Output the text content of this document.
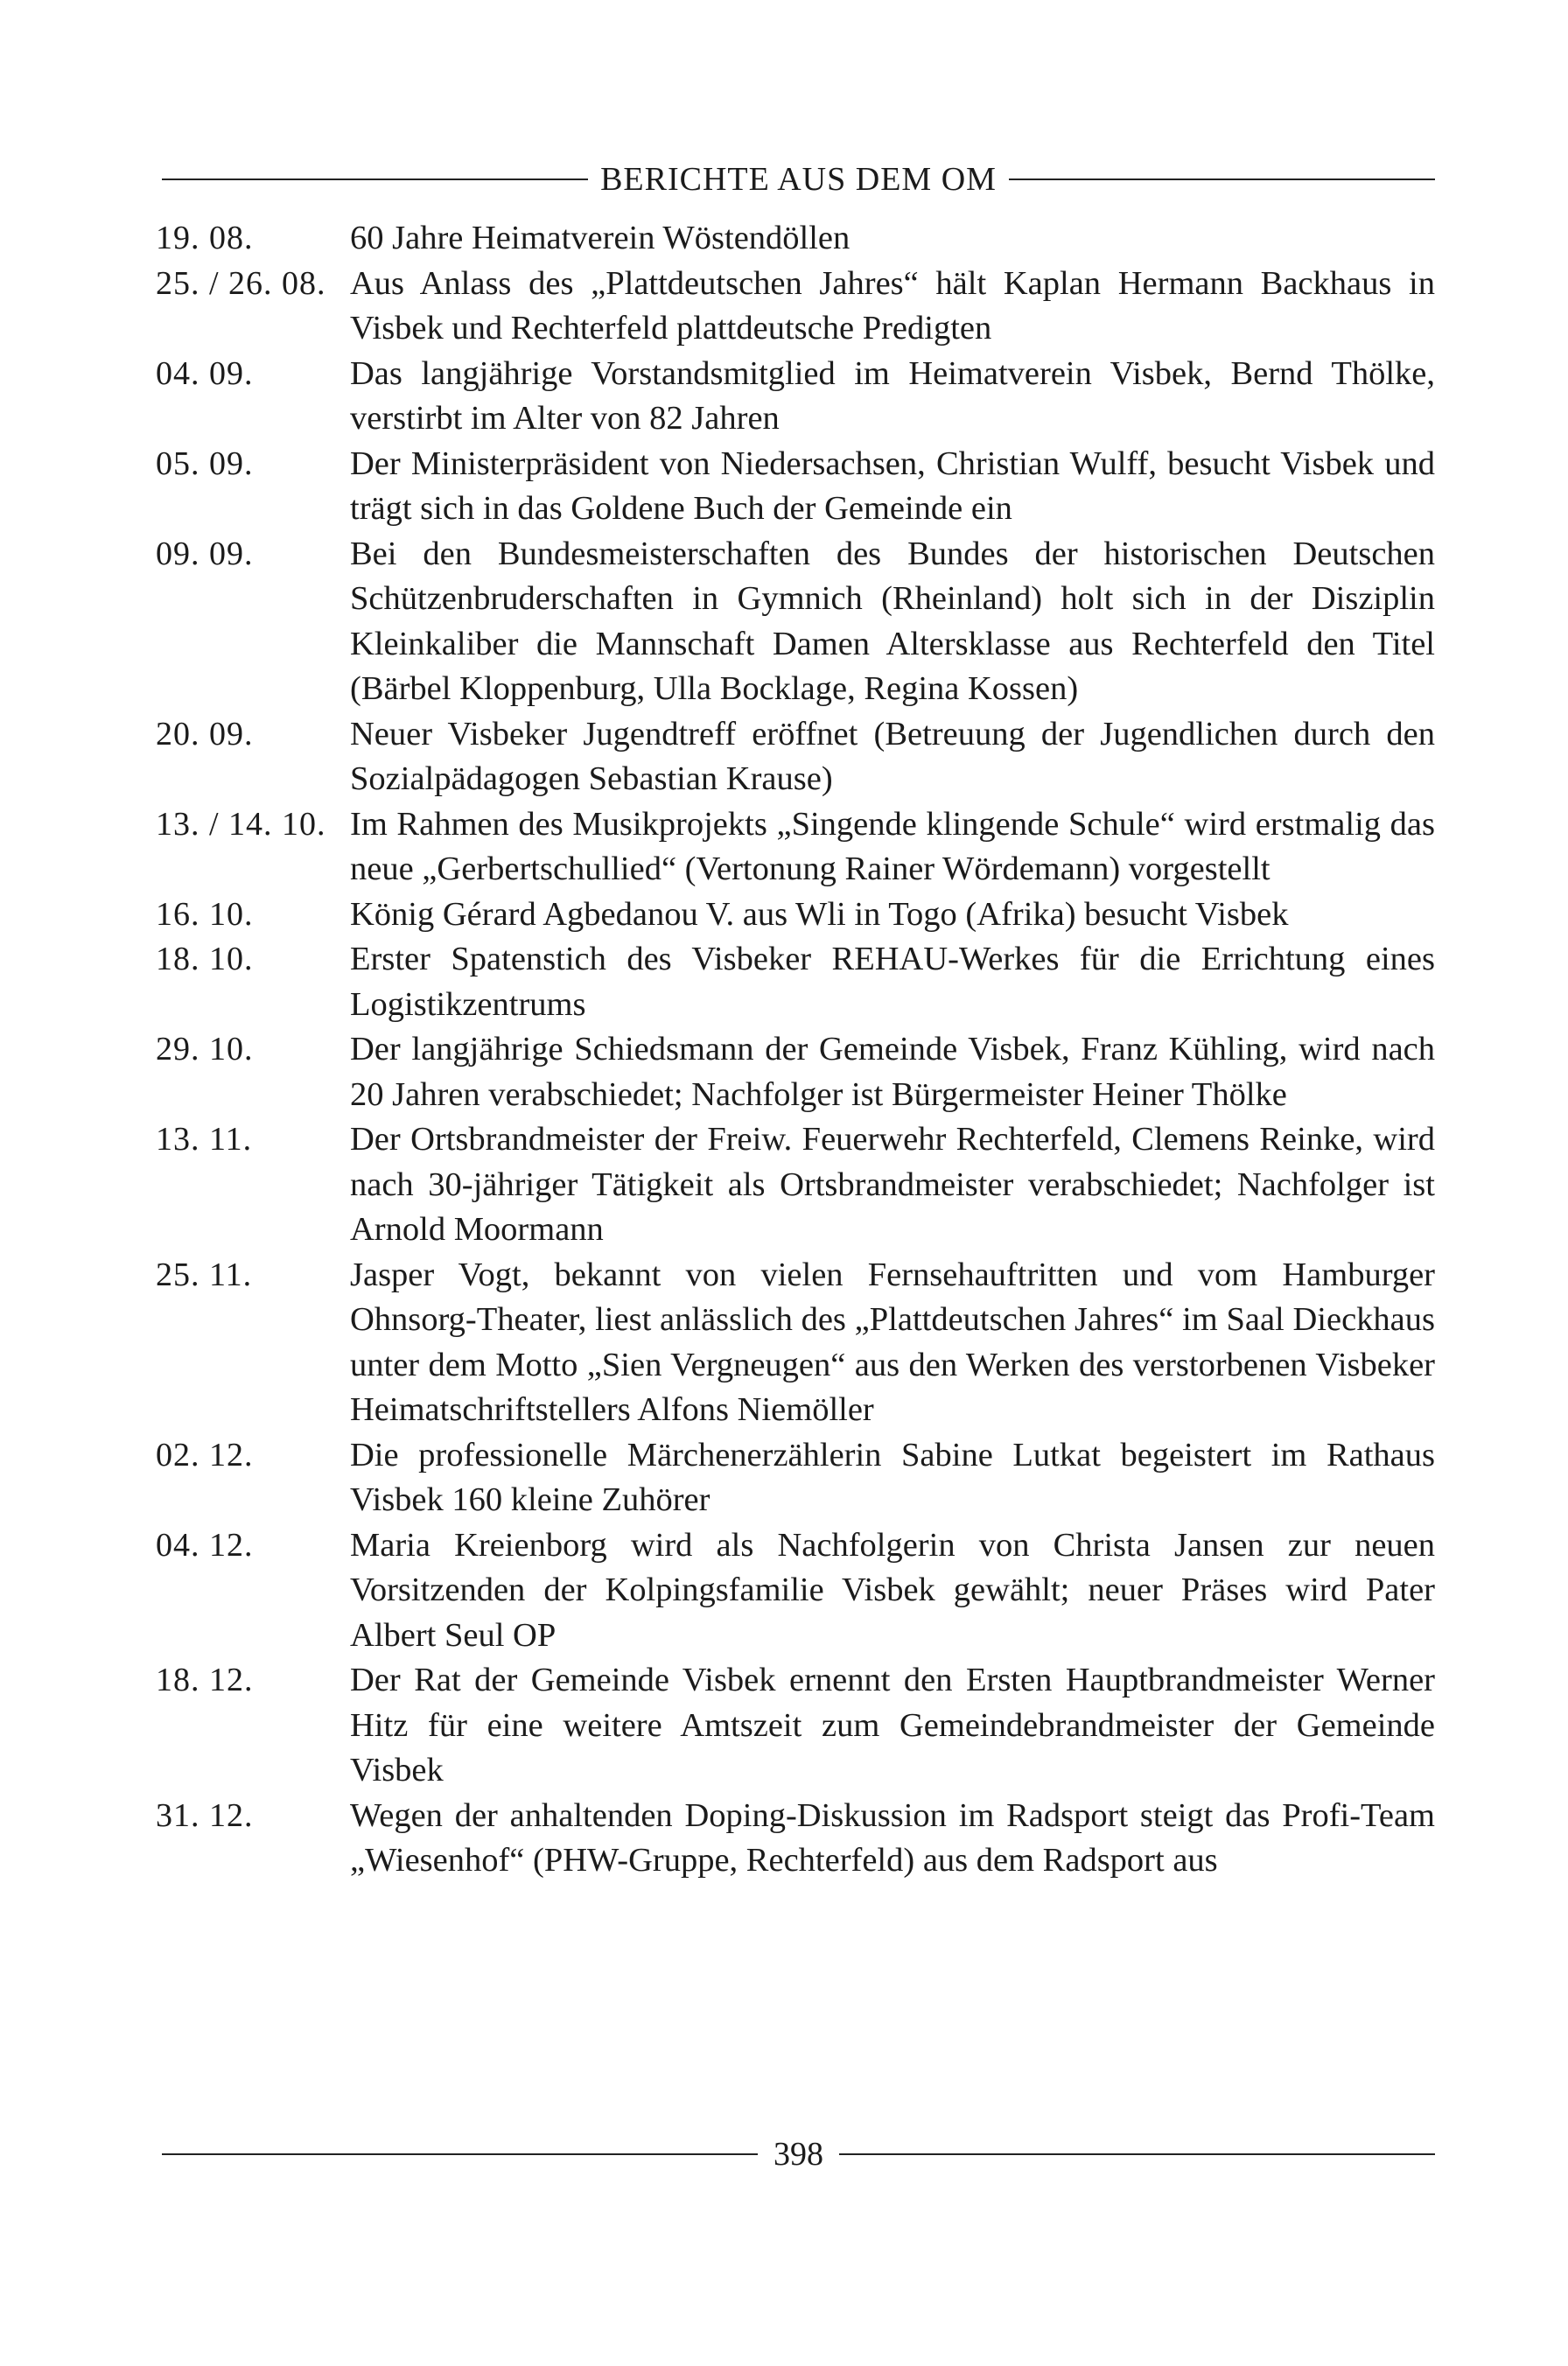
BERICHTE AUS DEM OM
19. 08.	60 Jahre Heimatverein Wöstendöllen
25. / 26. 08. Aus Anlass des „Plattdeutschen Jahres“ hält Kaplan Hermann Backhaus in Visbek und Rechterfeld plattdeutsche Predigten
04. 09.	Das langjährige Vorstandsmitglied im Heimatverein Visbek, Bernd Thölke, verstirbt im Alter von 82 Jahren
05. 09.	Der Ministerpräsident von Niedersachsen, Christian Wulff, besucht Visbek und trägt sich in das Goldene Buch der Gemeinde ein
09. 09.	Bei den Bundesmeisterschaften des Bundes der historischen Deutschen Schützenbruderschaften in Gymnich (Rheinland) holt sich in der Disziplin Kleinkaliber die Mannschaft Damen Altersklasse aus Rechterfeld den Titel (Bärbel Kloppenburg, Ulla Bocklage, Regina Kossen)
20. 09.	Neuer Visbeker Jugendtreff eröffnet (Betreuung der Jugendlichen durch den Sozialpädagogen Sebastian Krause)
13. / 14. 10. Im Rahmen des Musikprojekts „Singende klingende Schule“ wird erstmalig das neue „Gerbertschullied“ (Vertonung Rainer Wördemann) vorgestellt
16. 10.	König Gérard Agbedanou V. aus Wli in Togo (Afrika) besucht Visbek
18. 10.	Erster Spatenstich des Visbeker REHAU-Werkes für die Errichtung eines Logistikzentrums
29. 10.	Der langjährige Schiedsmann der Gemeinde Visbek, Franz Kühling, wird nach 20 Jahren verabschiedet; Nachfolger ist Bürgermeister Heiner Thölke
13. 11.	Der Ortsbrandmeister der Freiw. Feuerwehr Rechterfeld, Clemens Reinke, wird nach 30-jähriger Tätigkeit als Ortsbrandmeister verabschiedet; Nachfolger ist Arnold Moormann
25. 11.	Jasper Vogt, bekannt von vielen Fernsehauftritten und vom Hamburger Ohnsorg-Theater, liest anlässlich des „Plattdeutschen Jahres“ im Saal Dieckhaus unter dem Motto „Sien Vergneugen“ aus den Werken des verstorbenen Visbeker Heimatschriftstellers Alfons Niemöller
02. 12.	Die professionelle Märchenerzählerin Sabine Lutkat begeistert im Rathaus Visbek 160 kleine Zuhörer
04. 12.	Maria Kreienborg wird als Nachfolgerin von Christa Jansen zur neuen Vorsitzenden der Kolpingsfamilie Visbek gewählt; neuer Präses wird Pater Albert Seul OP
18. 12.	Der Rat der Gemeinde Visbek ernennt den Ersten Hauptbrandmeister Werner Hitz für eine weitere Amtszeit zum Gemeindebrandmeister der Gemeinde Visbek
31. 12.	Wegen der anhaltenden Doping-Diskussion im Radsport steigt das Profi-Team „Wiesenhof“ (PHW-Gruppe, Rechterfeld) aus dem Radsport aus
398
